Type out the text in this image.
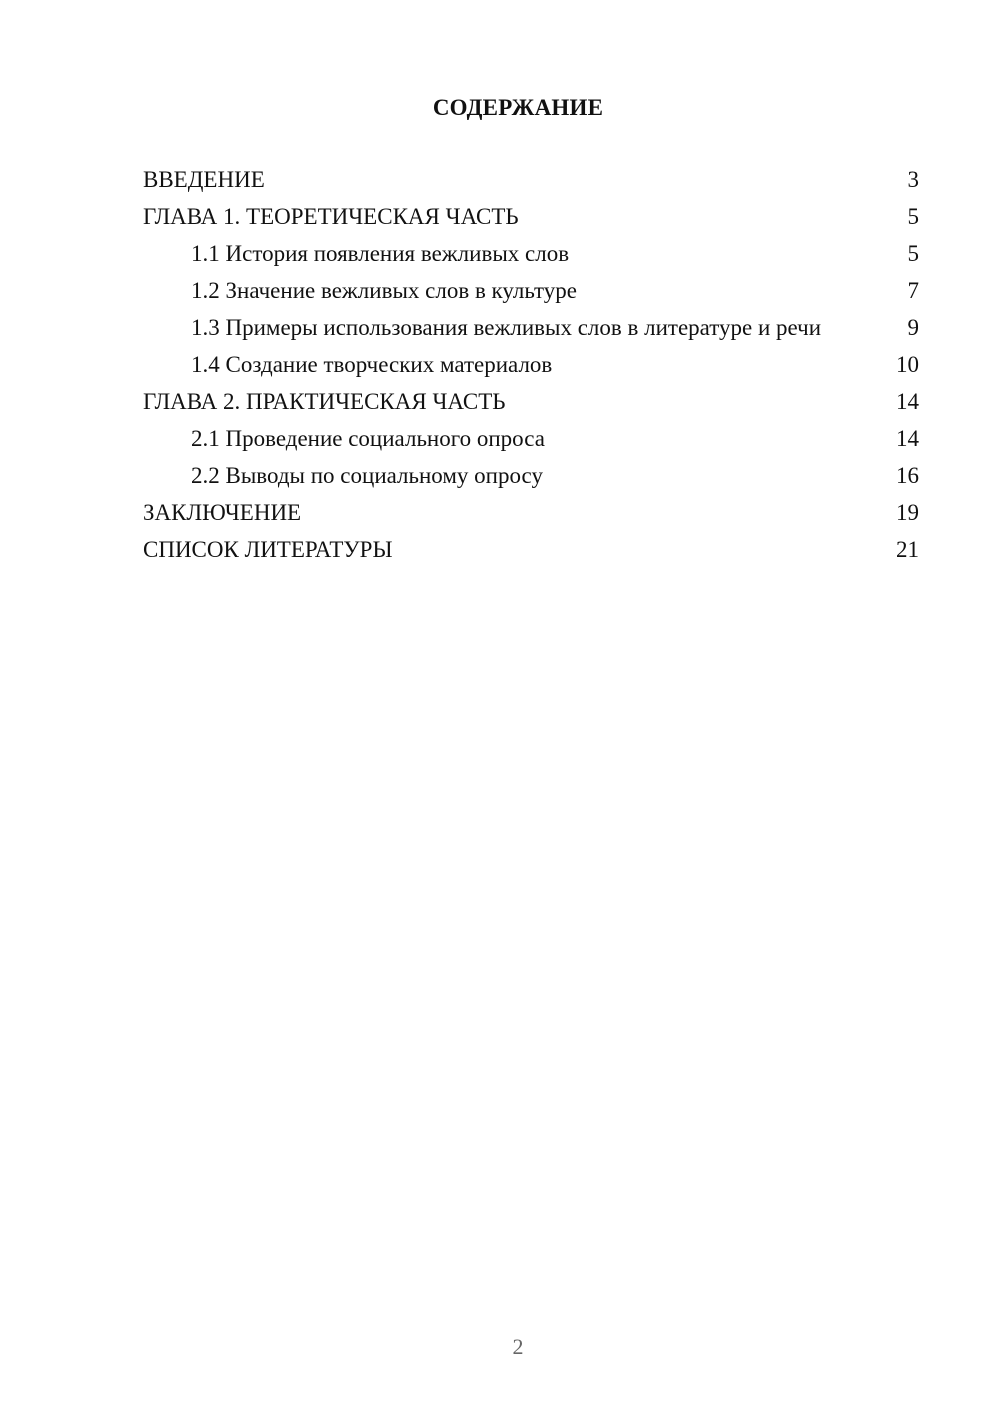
СОДЕРЖАНИЕ
ВВЕДЕНИЕ	3
ГЛАВА 1. ТЕОРЕТИЧЕСКАЯ ЧАСТЬ	5
1.1 История появления вежливых слов	5
1.2 Значение вежливых слов в культуре	7
1.3 Примеры использования вежливых слов в литературе и речи	9
1.4 Создание творческих материалов	10
ГЛАВА 2. ПРАКТИЧЕСКАЯ ЧАСТЬ	14
2.1 Проведение социального опроса	14
2.2 Выводы по социальному опросу	16
ЗАКЛЮЧЕНИЕ	19
СПИСОК ЛИТЕРАТУРЫ	21
2
